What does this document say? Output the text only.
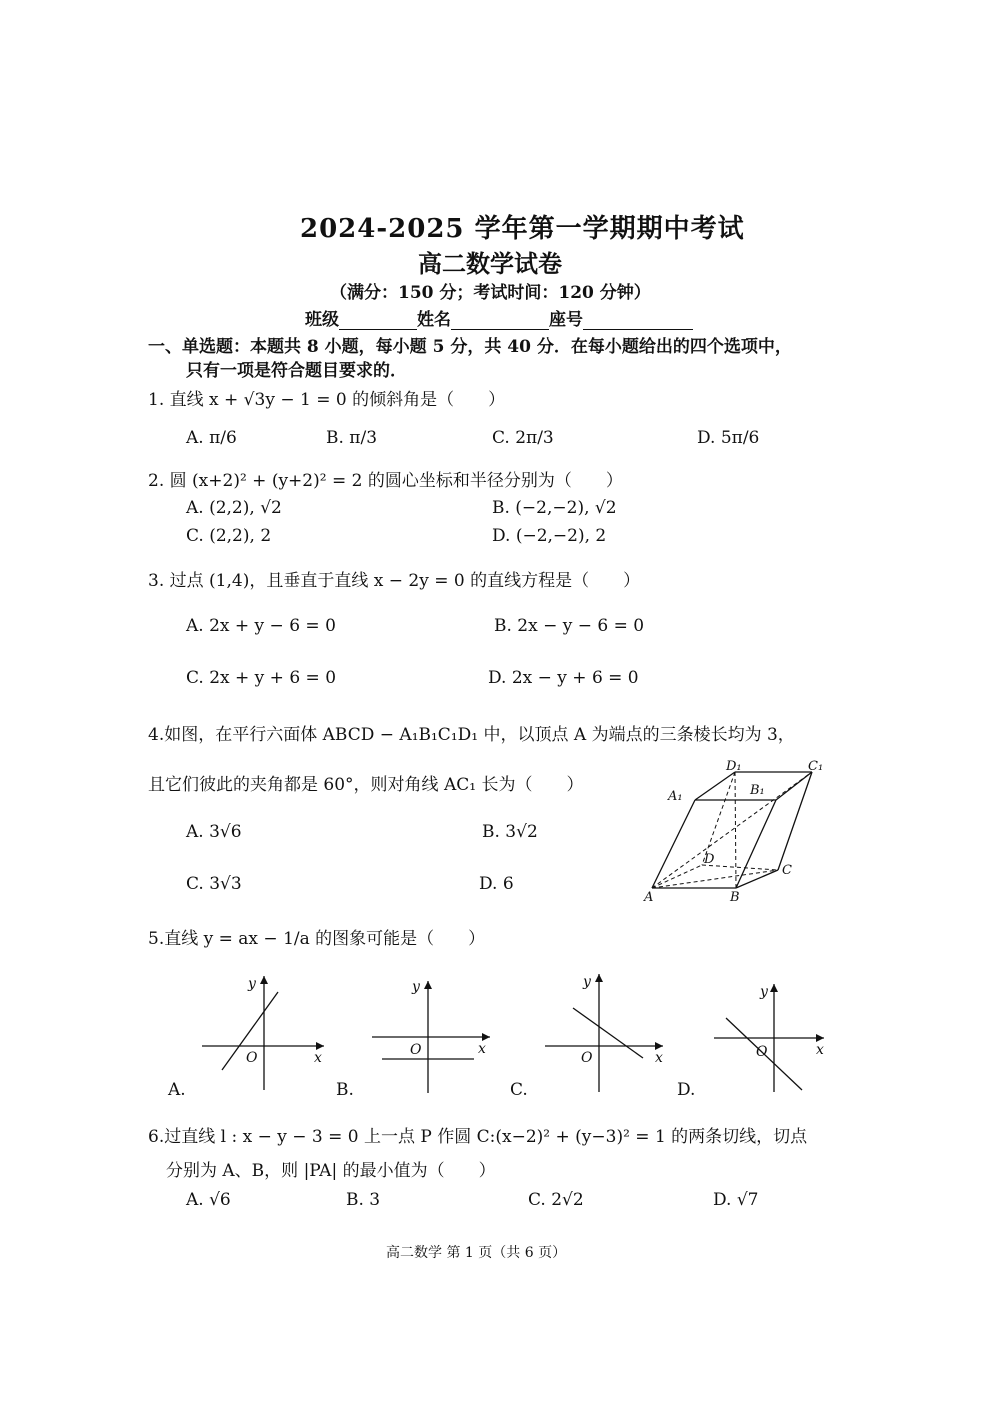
2024-2025 学年第一学期期中考试
高二数学试卷
（满分：150 分；考试时间：120 分钟）
班级	姓名	座号
一、单选题：本题共 8 小题，每小题 5 分，共 40 分．在每小题给出的四个选项中，
只有一项是符合题目要求的．
1. 直线 x + √3y − 1 = 0 的倾斜角是（　　）
A. π/6	B. π/3	C. 2π/3	D. 5π/6
2. 圆 (x+2)² + (y+2)² = 2 的圆心坐标和半径分别为（　　）
A. (2,2), √2	B. (−2,−2), √2
C. (2,2), 2	D. (−2,−2), 2
3. 过点 (1,4)，且垂直于直线 x − 2y = 0 的直线方程是（　　）
A. 2x + y − 6 = 0	B. 2x − y − 6 = 0
C. 2x + y + 6 = 0	D. 2x − y + 6 = 0
4.如图，在平行六面体 ABCD − A₁B₁C₁D₁ 中，以顶点 A 为端点的三条棱长均为 3，
且它们彼此的夹角都是 60°，则对角线 AC₁ 长为（　　）
A. 3√6	B. 3√2
C. 3√3	D. 6
D₁	C₁
A₁	B₁
D
C
A	B
5.直线 y = ax − 1/a 的图象可能是（　　）
y
x
O
A.
y
x
O
B.
y
x
O
C.
y
x
O
D.
6.过直线 l : x − y − 3 = 0 上一点 P 作圆 C:(x−2)² + (y−3)² = 1 的两条切线，切点
分别为 A、B，则 |PA| 的最小值为（　　）
A. √6	B. 3	C. 2√2	D. √7
高二数学 第 1 页（共 6 页）
